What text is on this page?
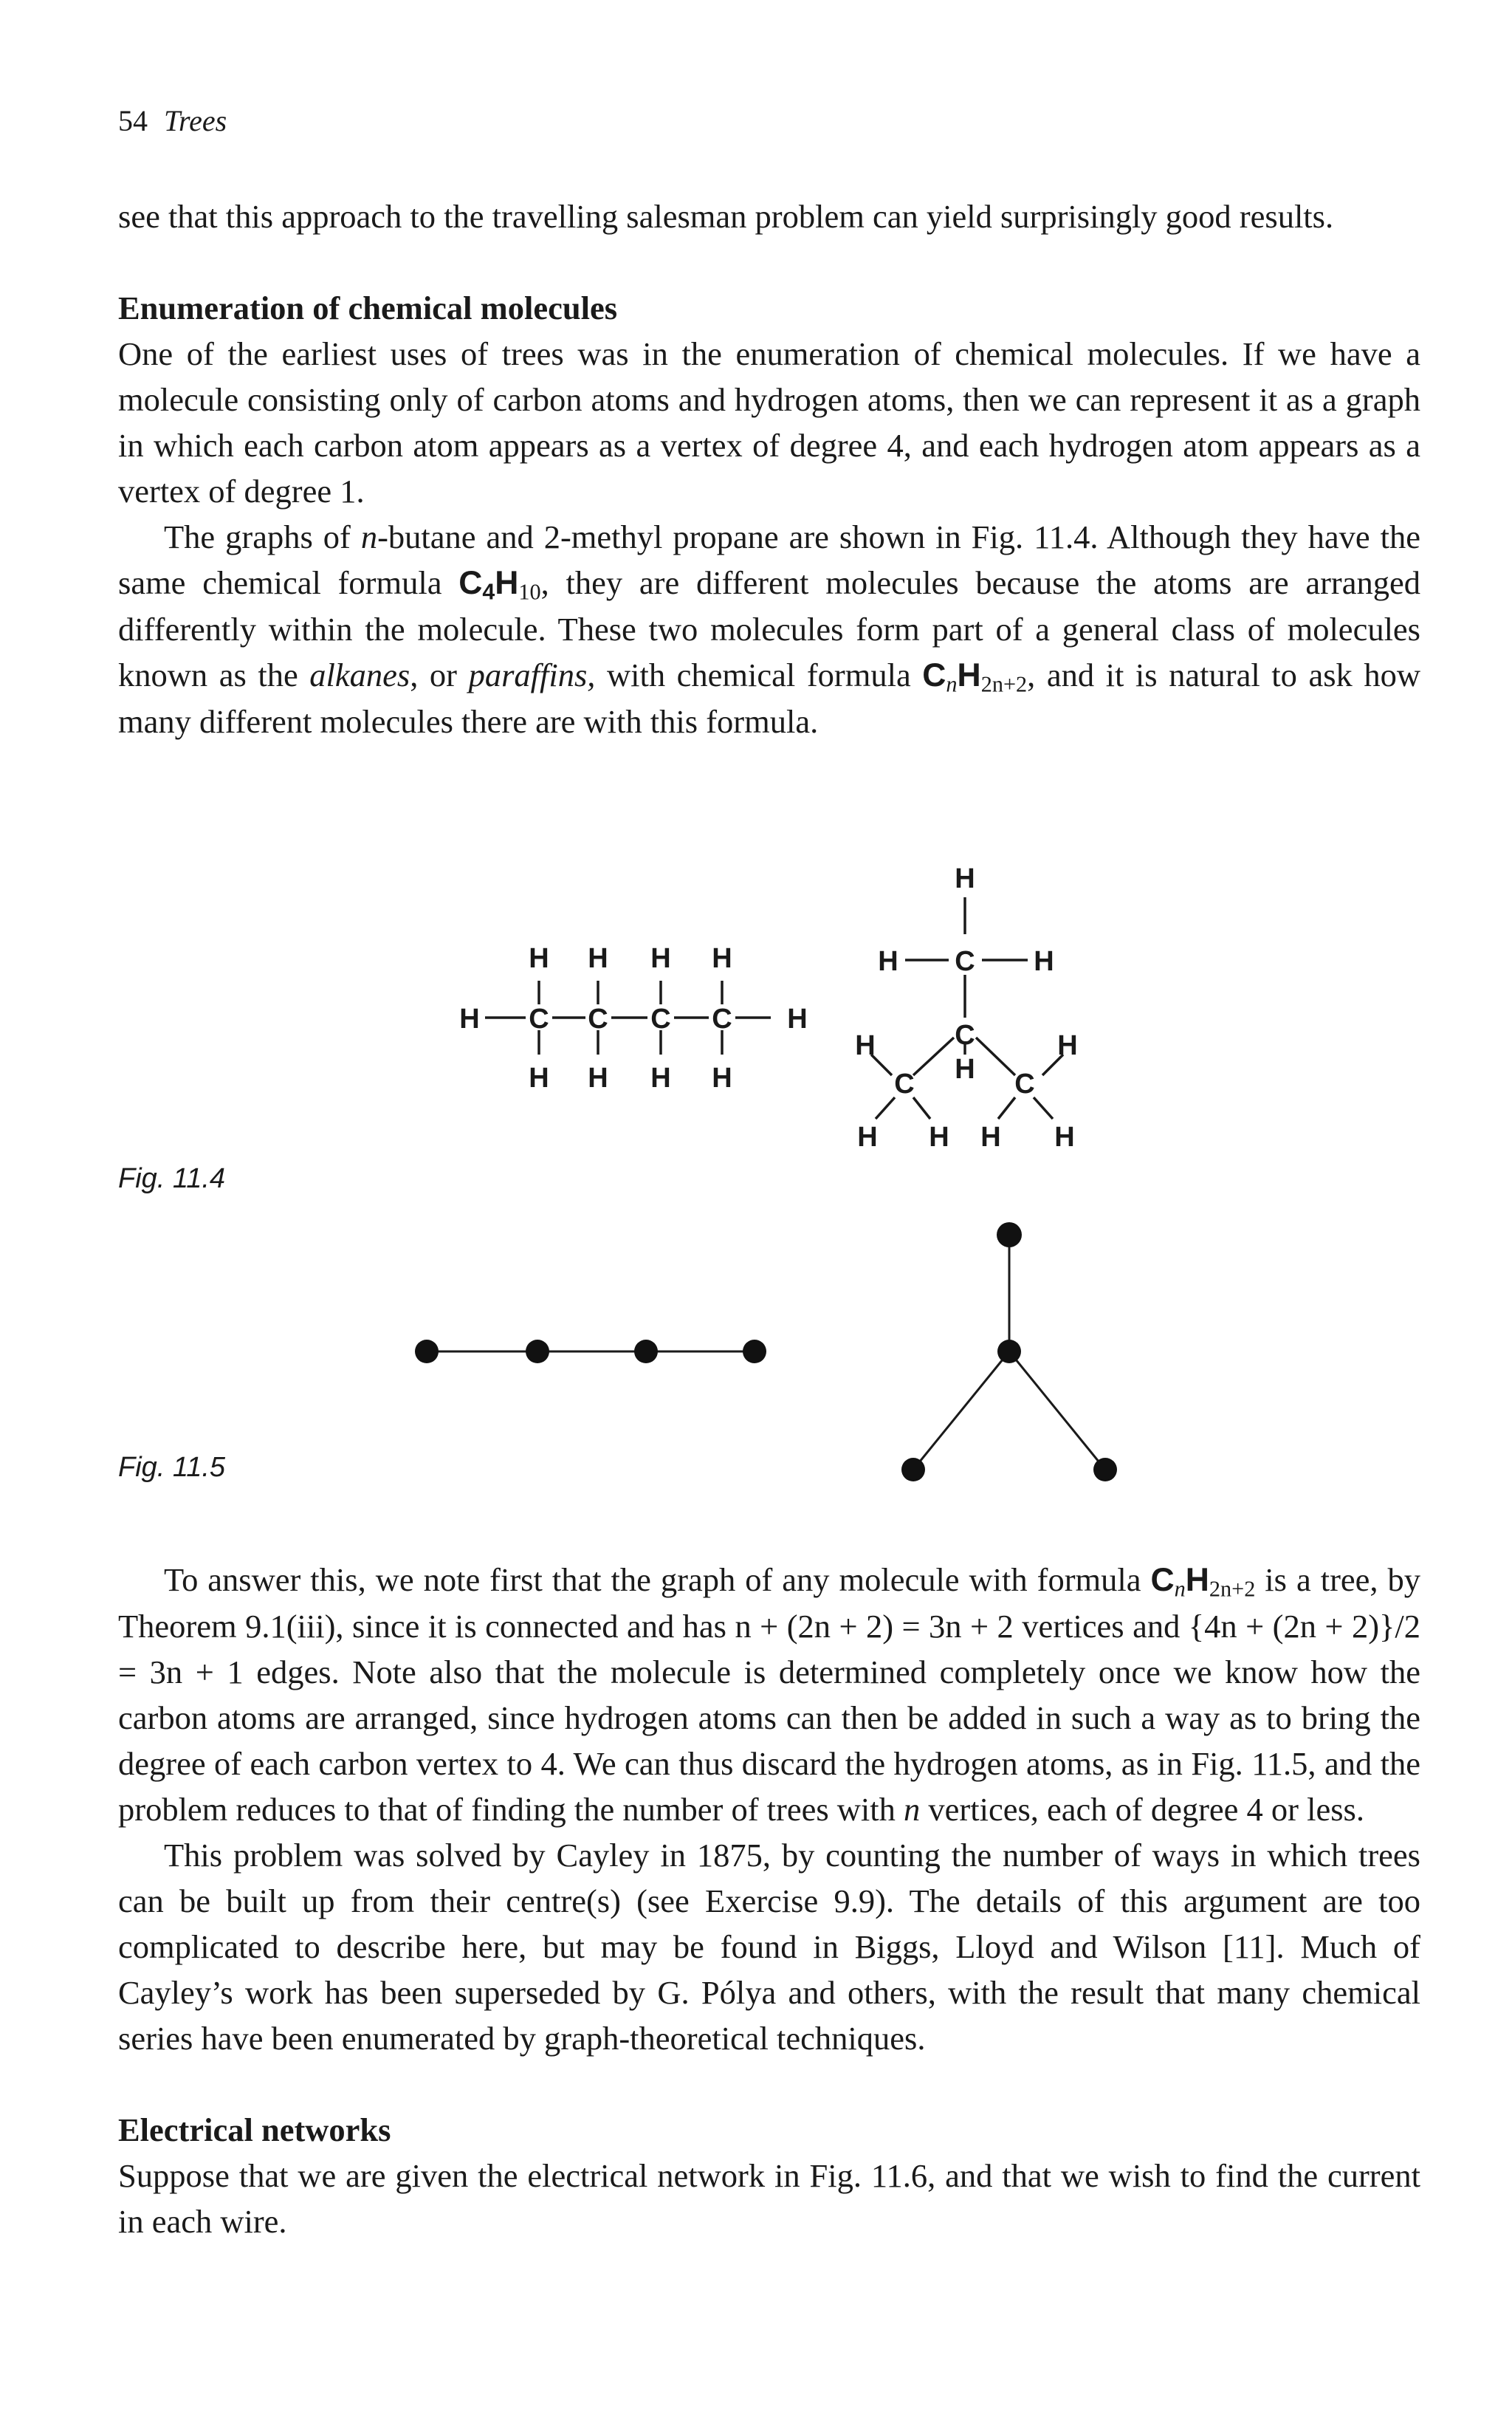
54 Trees

see that this approach to the travelling salesman problem can yield surprisingly good results.

Enumeration of chemical molecules

One of the earliest uses of trees was in the enumeration of chemical molecules. If we have a molecule consisting only of carbon atoms and hydrogen atoms, then we can represent it as a graph in which each carbon atom appears as a vertex of degree 4, and each hydrogen atom appears as a vertex of degree 1.

The graphs of n-butane and 2-methyl propane are shown in Fig. 11.4. Although they have the same chemical formula $C_4H_{10}$, they are different molecules because the atoms are arranged differently within the molecule. These two molecules form part of a general class of molecules known as the alkanes, or paraffins, with chemical formula $C_nH_{2n+2}$, and it is natural to ask how many different molecules there are with this formula.

H H H H
H C C C C H
H H H H
H
H C H
C
H	H
H
C	C
H H H H
Fig. 11.4
Fig. 11.5

To answer this, we note first that the graph of any molecule with formula $C_nH_{2n+2}$ is a tree, by Theorem 9.1(iii), since it is connected and has n + (2n + 2) = 3n + 2 vertices and {4n + (2n + 2)}/2 = 3n + 1 edges. Note also that the molecule is determined completely once we know how the carbon atoms are arranged, since hydrogen atoms can then be added in such a way as to bring the degree of each carbon vertex to 4. We can thus discard the hydrogen atoms, as in Fig. 11.5, and the problem reduces to that of finding the number of trees with n vertices, each of degree 4 or less.

This problem was solved by Cayley in 1875, by counting the number of ways in which trees can be built up from their centre(s) (see Exercise 9.9). The details of this argument are too complicated to describe here, but may be found in Biggs, Lloyd and Wilson [11]. Much of Cayley’s work has been superseded by G. Pólya and others, with the result that many chemical series have been enumerated by graph-theoretical techniques.

Electrical networks

Suppose that we are given the electrical network in Fig. 11.6, and that we wish to find the current in each wire.
